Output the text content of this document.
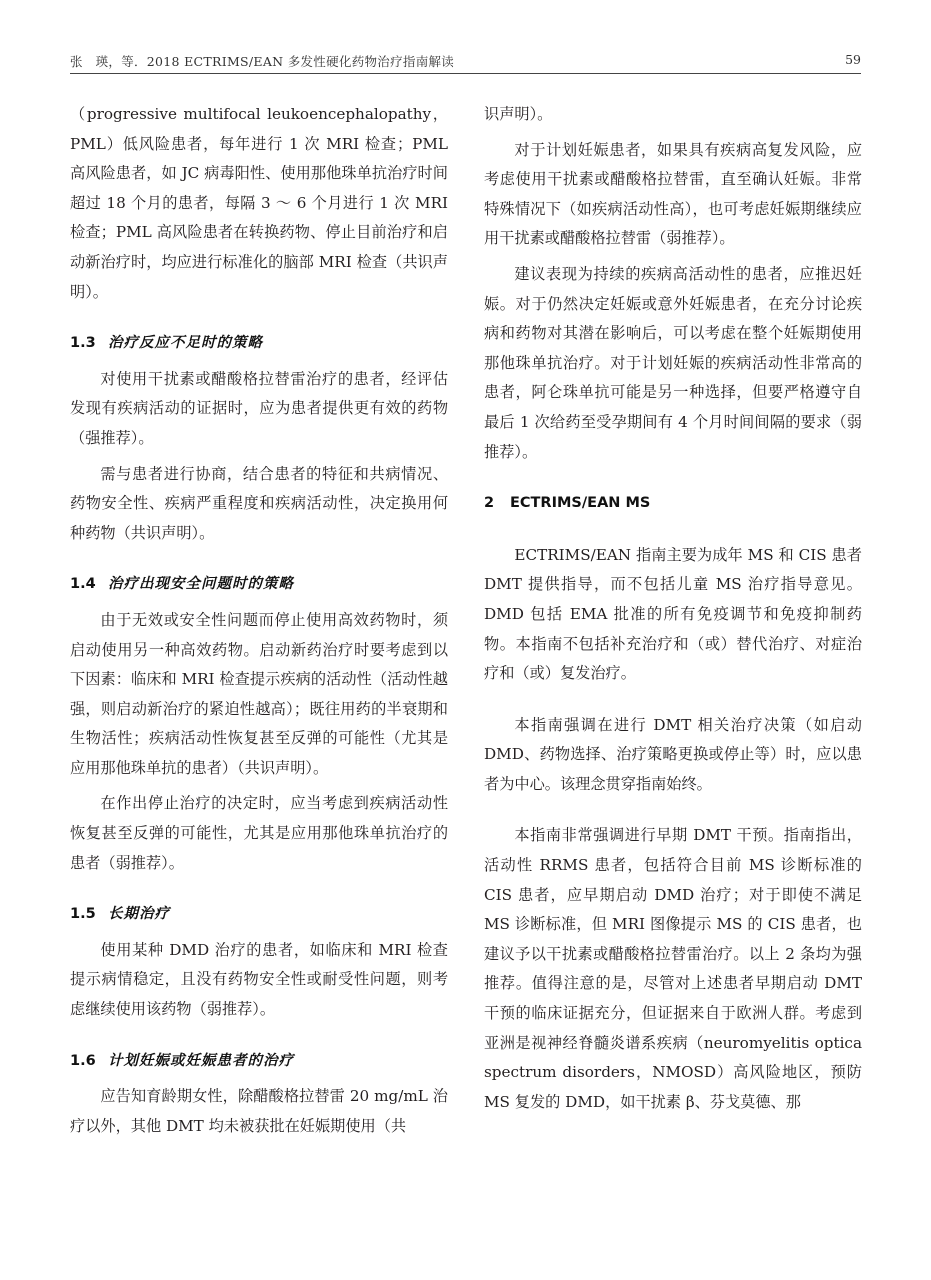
张　瑛，等．2018 ECTRIMS/EAN 多发性硬化药物治疗指南解读	59

（progressive multifocal leukoencephalopathy，PML）低风险患者，每年进行 1 次 MRI 检查；PML 高风险患者，如 JC 病毒阳性、使用那他珠单抗治疗时间超过 18 个月的患者，每隔 3 ～ 6 个月进行 1 次 MRI 检查；PML 高风险患者在转换药物、停止目前治疗和启动新治疗时，均应进行标准化的脑部 MRI 检查（共识声明）。

1.3 治疗反应不足时的策略

对使用干扰素或醋酸格拉替雷治疗的患者，经评估发现有疾病活动的证据时，应为患者提供更有效的药物（强推荐）。

需与患者进行协商，结合患者的特征和共病情况、药物安全性、疾病严重程度和疾病活动性，决定换用何种药物（共识声明）。

1.4 治疗出现安全问题时的策略

由于无效或安全性问题而停止使用高效药物时，须启动使用另一种高效药物。启动新药治疗时要考虑到以下因素：临床和 MRI 检查提示疾病的活动性（活动性越强，则启动新治疗的紧迫性越高）；既往用药的半衰期和生物活性；疾病活动性恢复甚至反弹的可能性（尤其是应用那他珠单抗的患者）（共识声明）。

在作出停止治疗的决定时，应当考虑到疾病活动性恢复甚至反弹的可能性，尤其是应用那他珠单抗治疗的患者（弱推荐）。

1.5 长期治疗

使用某种 DMD 治疗的患者，如临床和 MRI 检查提示病情稳定，且没有药物安全性或耐受性问题，则考虑继续使用该药物（弱推荐）。

1.6 计划妊娠或妊娠患者的治疗

应告知育龄期女性，除醋酸格拉替雷 20 mg/mL 治疗以外，其他 DMT 均未被获批在妊娠期使用（共

识声明）。

对于计划妊娠患者，如果具有疾病高复发风险，应考虑使用干扰素或醋酸格拉替雷，直至确认妊娠。非常特殊情况下（如疾病活动性高），也可考虑妊娠期继续应用干扰素或醋酸格拉替雷（弱推荐）。

建议表现为持续的疾病高活动性的患者，应推迟妊娠。对于仍然决定妊娠或意外妊娠患者，在充分讨论疾病和药物对其潜在影响后，可以考虑在整个妊娠期使用那他珠单抗治疗。对于计划妊娠的疾病活动性非常高的患者，阿仑珠单抗可能是另一种选择，但要严格遵守自最后 1 次给药至受孕期间有 4 个月时间间隔的要求（弱推荐）。

2 ECTRIMS/EAN MS

ECTRIMS/EAN 指南主要为成年 MS 和 CIS 患者 DMT 提供指导，而不包括儿童 MS 治疗指导意见。DMD 包括 EMA 批准的所有免疫调节和免疫抑制药物。本指南不包括补充治疗和（或）替代治疗、对症治疗和（或）复发治疗。

本指南强调在进行 DMT 相关治疗决策（如启动 DMD、药物选择、治疗策略更换或停止等）时，应以患者为中心。该理念贯穿指南始终。

本指南非常强调进行早期 DMT 干预。指南指出，活动性 RRMS 患者，包括符合目前 MS 诊断标准的 CIS 患者，应早期启动 DMD 治疗；对于即使不满足 MS 诊断标准，但 MRI 图像提示 MS 的 CIS 患者，也建议予以干扰素或醋酸格拉替雷治疗。以上 2 条均为强推荐。值得注意的是，尽管对上述患者早期启动 DMT 干预的临床证据充分，但证据来自于欧洲人群。考虑到亚洲是视神经脊髓炎谱系疾病（neuromyelitis optica spectrum disorders，NMOSD）高风险地区，预防 MS 复发的 DMD，如干扰素 β、芬戈莫德、那
